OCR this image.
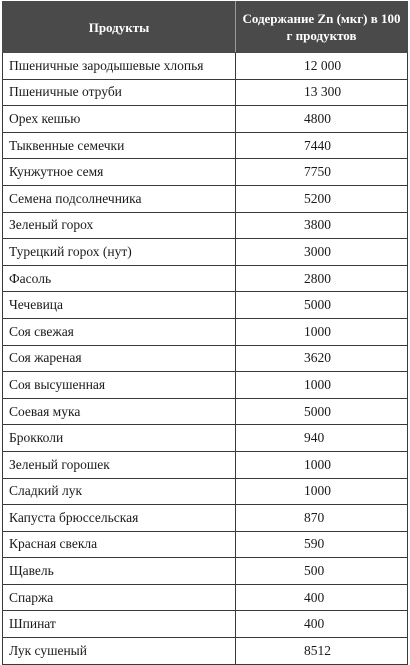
Продукты	Содержание Zn (мкг) в 100 г продуктов
Пшеничные зародышевые хлопья	12 000
Пшеничные отруби	13 300
Орех кешью	4800
Тыквенные семечки	7440
Кунжутное семя	7750
Семена подсолнечника	5200
Зеленый горох	3800
Турецкий горох (нут)	3000
Фасоль	2800
Чечевица	5000
Соя свежая	1000
Соя жареная	3620
Соя высушенная	1000
Соевая мука	5000
Брокколи	940
Зеленый горошек	1000
Сладкий лук	1000
Капуста брюссельская	870
Красная свекла	590
Щавель	500
Спаржа	400
Шпинат	400
Лук сушеный	8512
